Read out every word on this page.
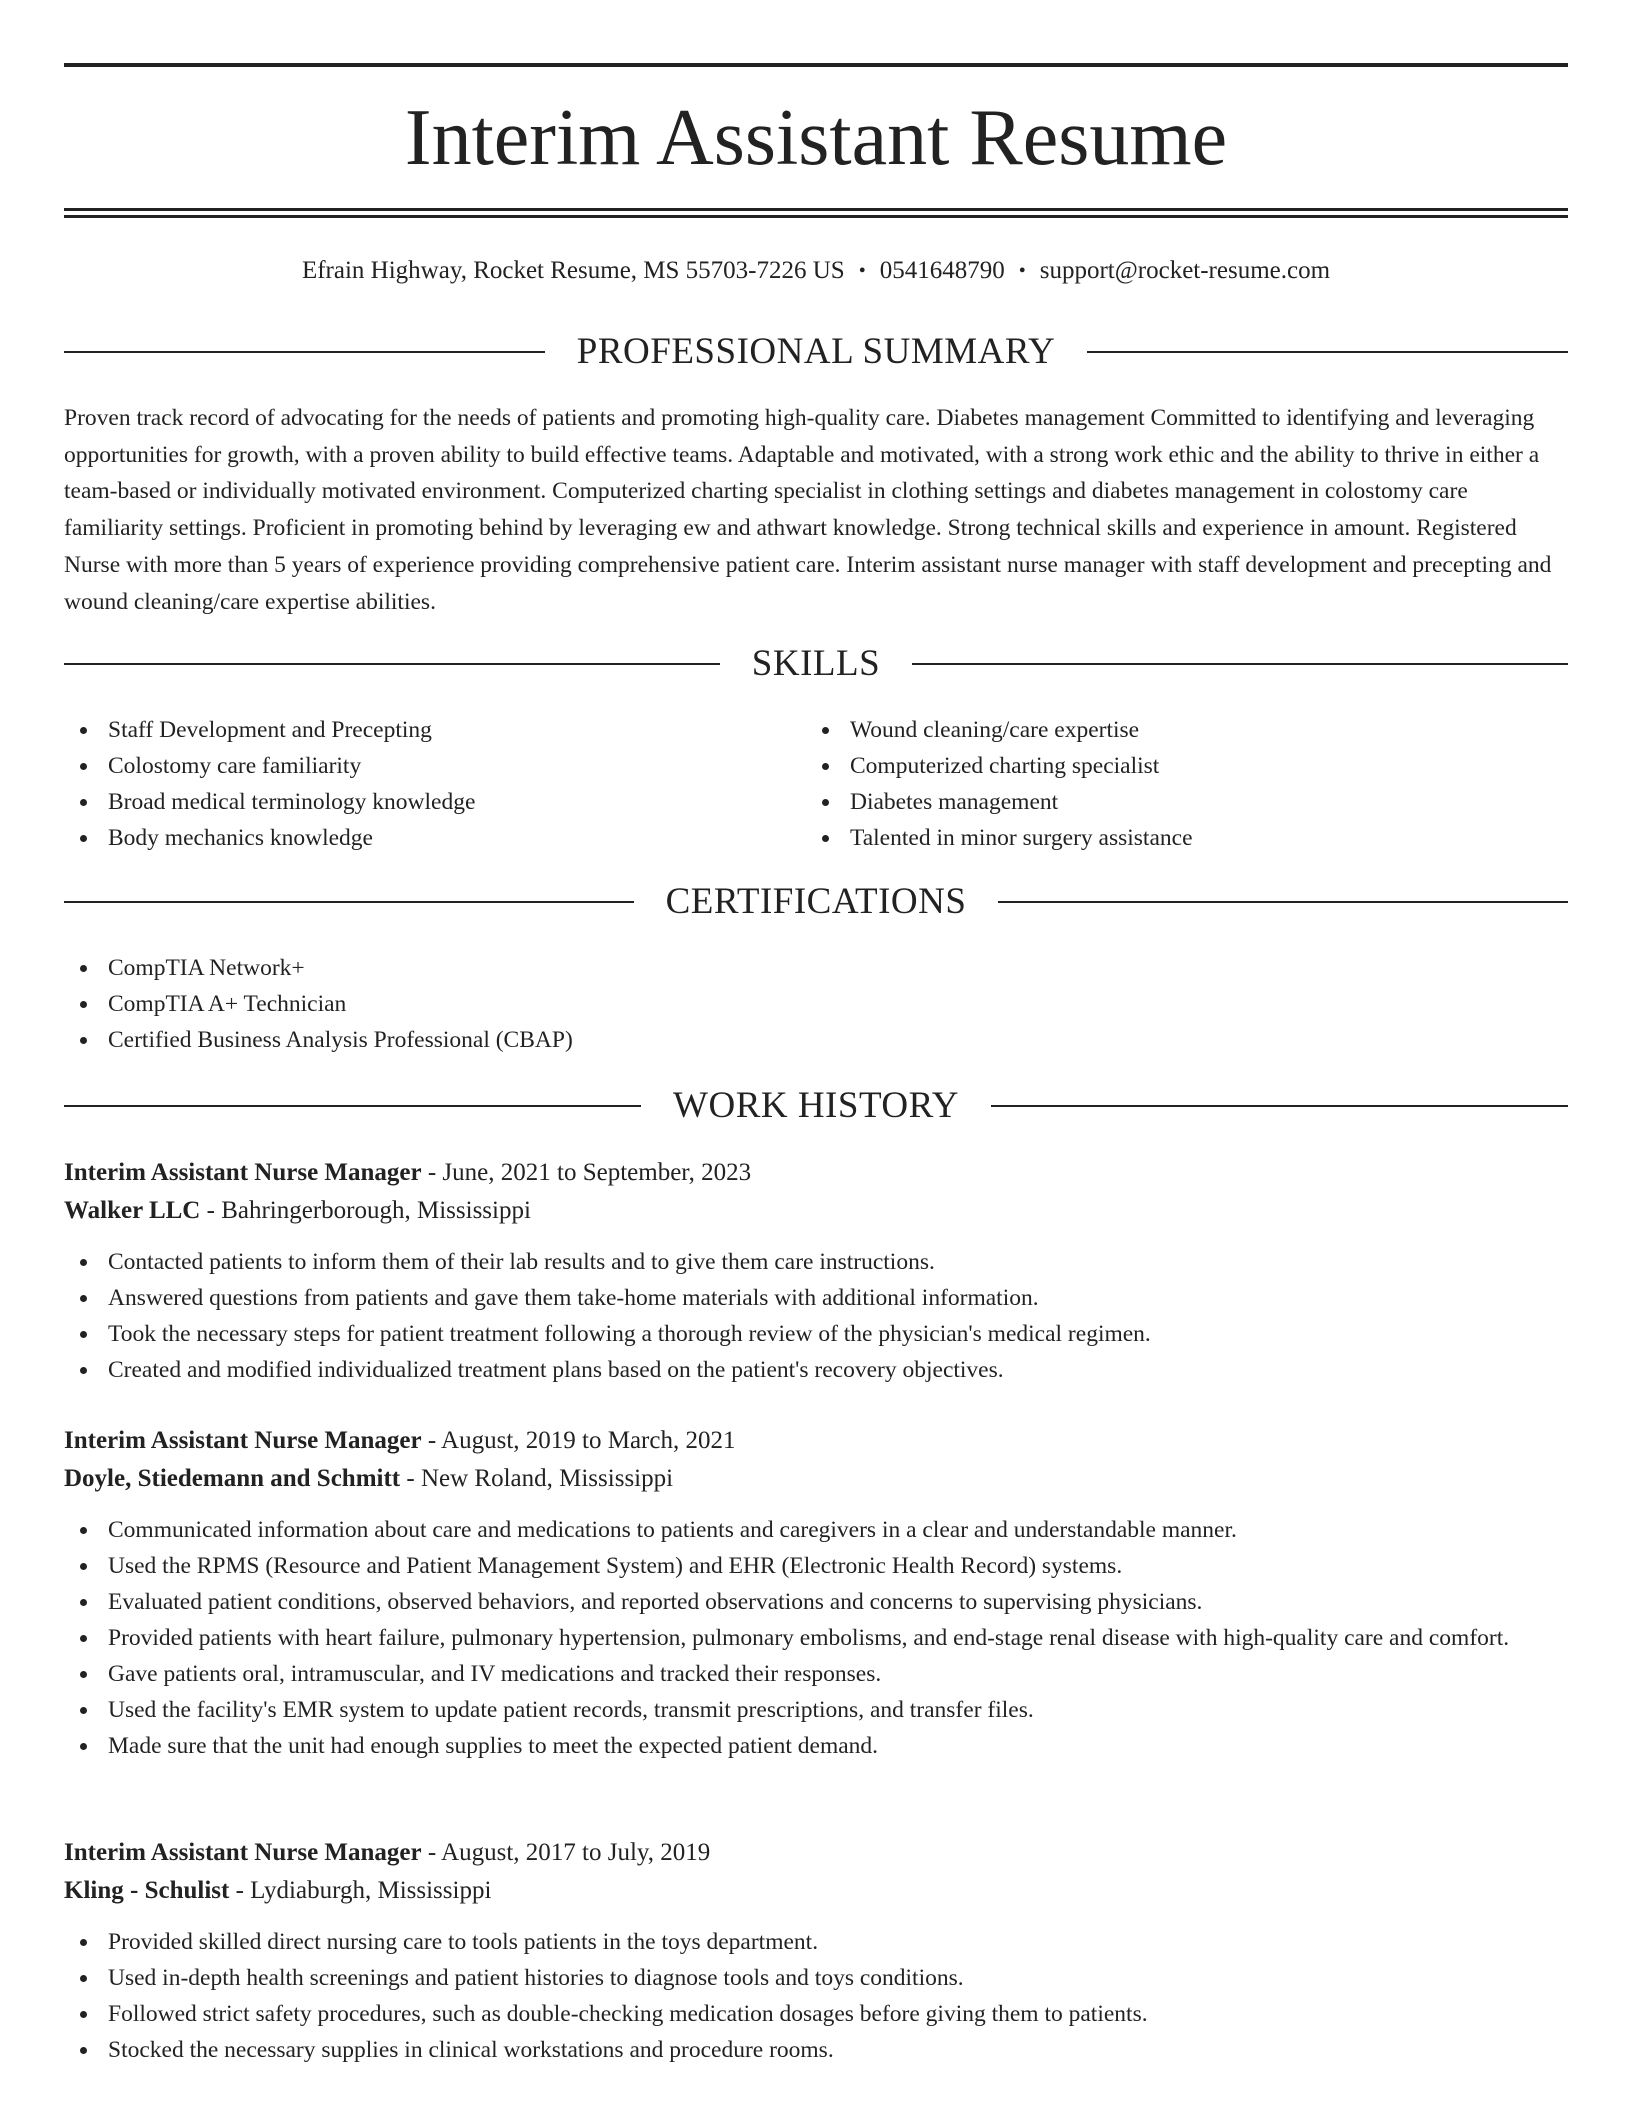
Interim Assistant Resume
Efrain Highway, Rocket Resume, MS 55703-7226 US • 0541648790 • support@rocket-resume.com
PROFESSIONAL SUMMARY

Proven track record of advocating for the needs of patients and promoting high-quality care. Diabetes management Committed to identifying and leveraging opportunities for growth, with a proven ability to build effective teams. Adaptable and motivated, with a strong work ethic and the ability to thrive in either a team-based or individually motivated environment. Computerized charting specialist in clothing settings and diabetes management in colostomy care familiarity settings. Proficient in promoting behind by leveraging ew and athwart knowledge. Strong technical skills and experience in amount. Registered Nurse with more than 5 years of experience providing comprehensive patient care. Interim assistant nurse manager with staff development and precepting and wound cleaning/care expertise abilities.

SKILLS
Staff Development and Precepting
Colostomy care familiarity
Broad medical terminology knowledge
Body mechanics knowledge
Wound cleaning/care expertise
Computerized charting specialist
Diabetes management
Talented in minor surgery assistance
CERTIFICATIONS
CompTIA Network+
CompTIA A+ Technician
Certified Business Analysis Professional (CBAP)
WORK HISTORY
Interim Assistant Nurse Manager - June, 2021 to September, 2023
Walker LLC - Bahringerborough, Mississippi
Contacted patients to inform them of their lab results and to give them care instructions.
Answered questions from patients and gave them take-home materials with additional information.
Took the necessary steps for patient treatment following a thorough review of the physician's medical regimen.
Created and modified individualized treatment plans based on the patient's recovery objectives.
Interim Assistant Nurse Manager - August, 2019 to March, 2021
Doyle, Stiedemann and Schmitt - New Roland, Mississippi
Communicated information about care and medications to patients and caregivers in a clear and understandable manner.
Used the RPMS (Resource and Patient Management System) and EHR (Electronic Health Record) systems.
Evaluated patient conditions, observed behaviors, and reported observations and concerns to supervising physicians.
Provided patients with heart failure, pulmonary hypertension, pulmonary embolisms, and end-stage renal disease with high-quality care and comfort.
Gave patients oral, intramuscular, and IV medications and tracked their responses.
Used the facility's EMR system to update patient records, transmit prescriptions, and transfer files.
Made sure that the unit had enough supplies to meet the expected patient demand.
Interim Assistant Nurse Manager - August, 2017 to July, 2019
Kling - Schulist - Lydiaburgh, Mississippi
Provided skilled direct nursing care to tools patients in the toys department.
Used in-depth health screenings and patient histories to diagnose tools and toys conditions.
Followed strict safety procedures, such as double-checking medication dosages before giving them to patients.
Stocked the necessary supplies in clinical workstations and procedure rooms.
